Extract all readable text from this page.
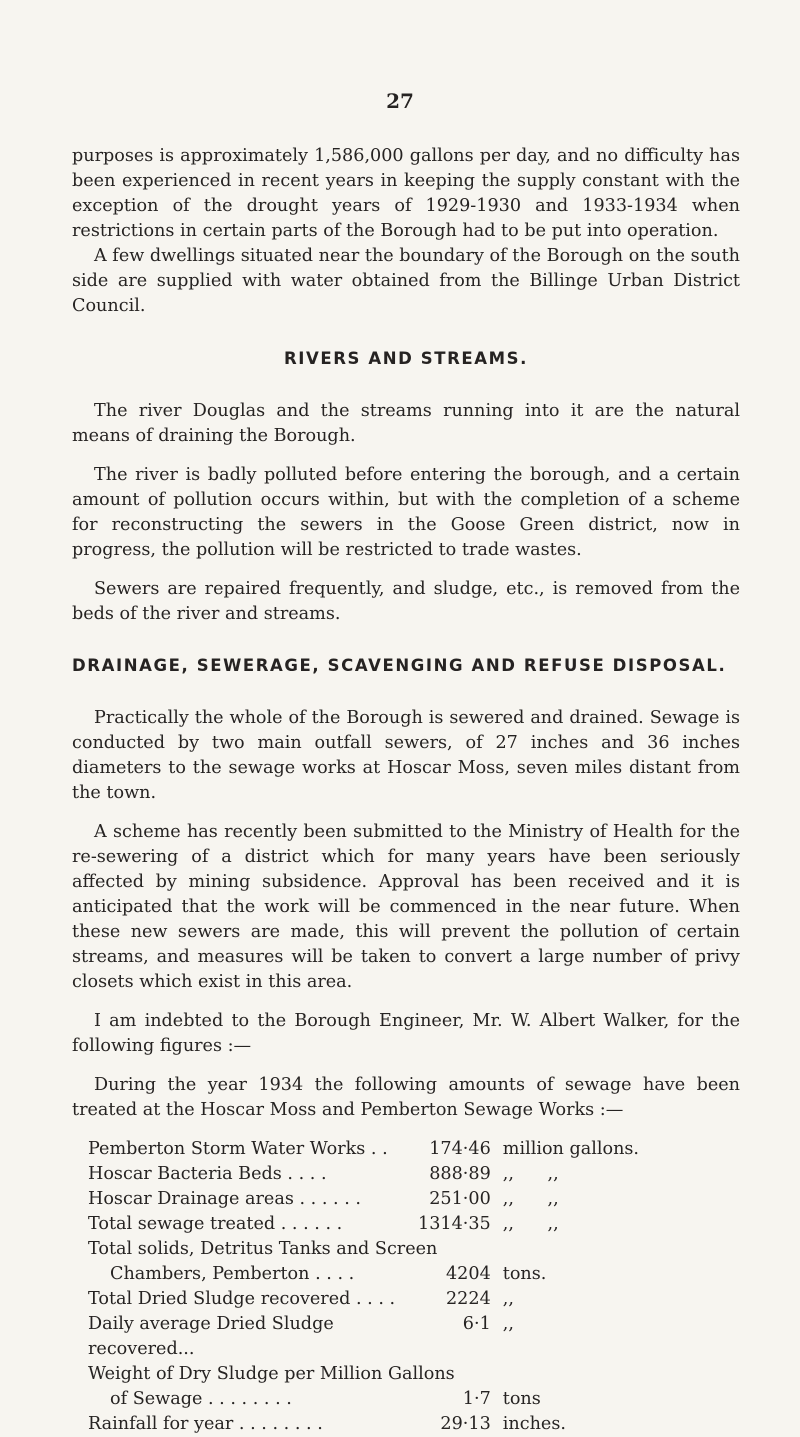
27

purposes is approximately 1,586,000 gallons per day, and no difficulty has been experienced in recent years in keeping the supply constant with the exception of the drought years of 1929-1930 and 1933-1934 when restrictions in certain parts of the Borough had to be put into operation.

A few dwellings situated near the boundary of the Borough on the south side are supplied with water obtained from the Billinge Urban District Council.

RIVERS AND STREAMS.

The river Douglas and the streams running into it are the natural means of draining the Borough.

The river is badly polluted before entering the borough, and a certain amount of pollution occurs within, but with the completion of a scheme for reconstructing the sewers in the Goose Green district, now in progress, the pollution will be restricted to trade wastes.

Sewers are repaired frequently, and sludge, etc., is removed from the beds of the river and streams.

DRAINAGE, SEWERAGE, SCAVENGING AND REFUSE DISPOSAL.

Practically the whole of the Borough is sewered and drained. Sewage is conducted by two main outfall sewers, of 27 inches and 36 inches diameters to the sewage works at Hoscar Moss, seven miles distant from the town.

A scheme has recently been submitted to the Ministry of Health for the re-sewering of a district which for many years have been seriously affected by mining subsidence. Approval has been received and it is anticipated that the work will be commenced in the near future. When these new sewers are made, this will prevent the pollution of certain streams, and measures will be taken to convert a large number of privy closets which exist in this area.

I am indebted to the Borough Engineer, Mr. W. Albert Walker, for the following figures :—

During the year 1934 the following amounts of sewage have been treated at the Hoscar Moss and Pemberton Sewage Works :—

Pemberton Storm Water Works . .	174·46	million gallons.
Hoscar Bacteria Beds . . . .	888·89	,,      ,,
Hoscar Drainage areas . . . . . .	251·00	,,      ,,
Total sewage treated . . . . . .	1314·35	,,      ,,
Total solids, Detritus Tanks and Screen		
Chambers, Pemberton . . . .	4204	tons.
Total Dried Sludge recovered . . . .	2224	,,
Daily average Dried Sludge recovered...	6·1	,,
Weight of Dry Sludge per Million Gallons		
of Sewage . . . . . . . .	1·7	tons
Rainfall for year . . . . . . . .	29·13	inches.
